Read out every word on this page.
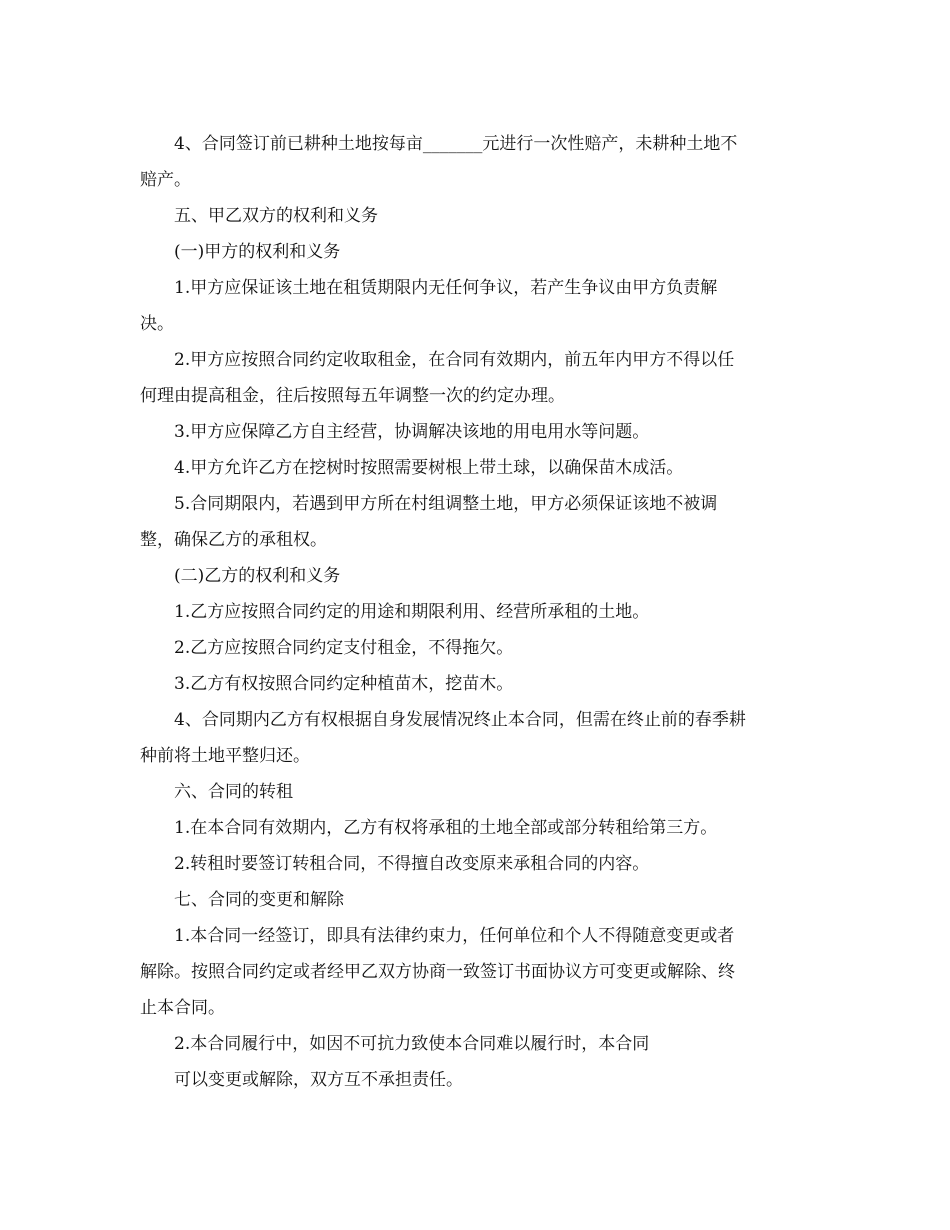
4、合同签订前已耕种土地按每亩_______元进行一次性赔产，未耕种土地不
赔产。
五、甲乙双方的权利和义务
(一)甲方的权利和义务
1.甲方应保证该土地在租赁期限内无任何争议，若产生争议由甲方负责解
决。
2.甲方应按照合同约定收取租金，在合同有效期内，前五年内甲方不得以任
何理由提高租金，往后按照每五年调整一次的约定办理。
3.甲方应保障乙方自主经营，协调解决该地的用电用水等问题。
4.甲方允许乙方在挖树时按照需要树根上带土球，以确保苗木成活。
5.合同期限内，若遇到甲方所在村组调整土地，甲方必须保证该地不被调
整，确保乙方的承租权。
(二)乙方的权利和义务
1.乙方应按照合同约定的用途和期限利用、经营所承租的土地。
2.乙方应按照合同约定支付租金，不得拖欠。
3.乙方有权按照合同约定种植苗木，挖苗木。
4、合同期内乙方有权根据自身发展情况终止本合同，但需在终止前的春季耕
种前将土地平整归还。
六、合同的转租
1.在本合同有效期内，乙方有权将承租的土地全部或部分转租给第三方。
2.转租时要签订转租合同，不得擅自改变原来承租合同的内容。
七、合同的变更和解除
1.本合同一经签订，即具有法律约束力，任何单位和个人不得随意变更或者
解除。按照合同约定或者经甲乙双方协商一致签订书面协议方可变更或解除、终
止本合同。
2.本合同履行中，如因不可抗力致使本合同难以履行时，本合同
可以变更或解除，双方互不承担责任。
